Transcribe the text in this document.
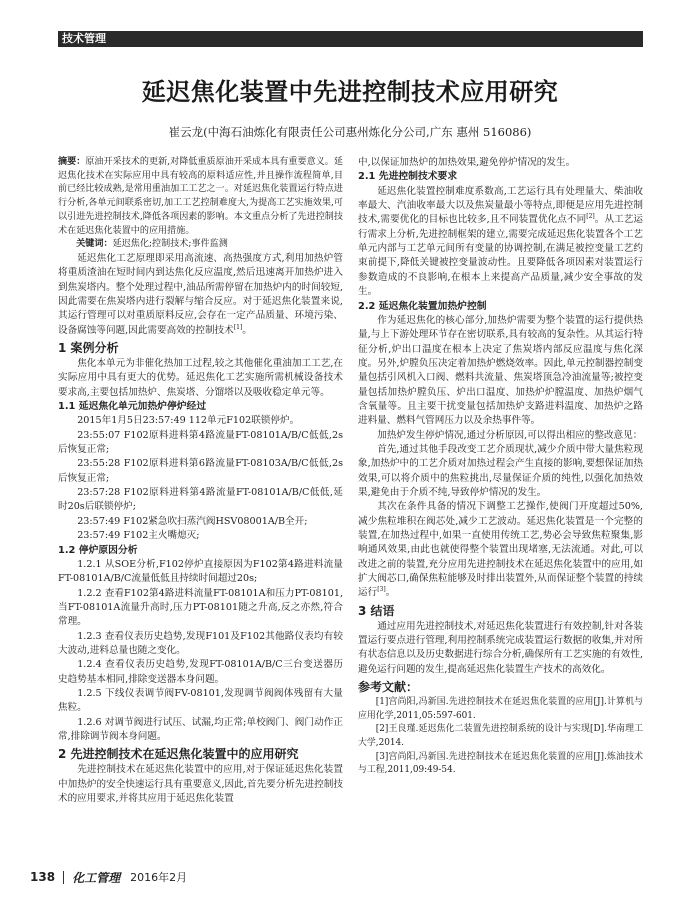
技术管理
延迟焦化装置中先进控制技术应用研究
崔云龙(中海石油炼化有限责任公司惠州炼化分公司,广东 惠州 516086)
摘要：原油开采技术的更新,对降低重质原油开采成本具有重要意义。延迟焦化技术在实际应用中具有较高的原料适应性,并且操作流程简单,目前已经比较成熟,是常用重油加工工艺之一。对延迟焦化装置运行特点进行分析,各单元间联系密切,加工工艺控制难度大,为提高工艺实施效果,可以引进先进控制技术,降低各项因素的影响。本文重点分析了先进控制技术在延迟焦化装置中的应用措施。
关键词：延迟焦化;控制技术;事件监测
延迟焦化工艺原理即采用高流速、高热强度方式,利用加热炉管将重质渣油在短时间内到达焦化反应温度,然后迅速离开加热炉进入到焦炭塔内。整个处理过程中,油品所需停留在加热炉内的时间较短,因此需要在焦炭塔内进行裂解与缩合反应。对于延迟焦化装置来说,其运行管理可以对重质原料反应,会存在一定产品质量、环境污染、设备腐蚀等问题,因此需要高效的控制技术[1]。
1 案例分析
焦化本单元为非催化热加工过程,较之其他催化重油加工工艺,在实际应用中具有更大的优势。延迟焦化工艺实施所需机械设备技术要求高,主要包括加热炉、焦炭塔、分馏塔以及吸收稳定单元等。
1.1 延迟焦化单元加热炉停炉经过
2015年1月5日23:57:49 112单元F102联锁停炉。
23:55:07 F102原料进料第4路流量FT-08101A/B/C低低,2s后恢复正常;
23:55:28 F102原料进料第6路流量FT-08103A/B/C低低,2s后恢复正常;
23:57:28 F102原料进料第4路流量FT-08101A/B/C低低,延时20s后联锁停炉;
23:57:49 F102紧急吹扫蒸汽阀HSV08001A/B全开;
23:57:49 F102主火嘴熄灭;
1.2 停炉原因分析
1.2.1 从SOE分析,F102停炉直接原因为F102第4路进料流量FT-08101A/B/C流量低低且持续时间超过20s;
1.2.2 查看F102第4路进料流量FT-08101A和压力PT-08101,当FT-08101A流量升高时,压力PT-08101随之升高,反之亦然,符合常理。
1.2.3 查看仪表历史趋势,发现F101及F102其他路仪表均有较大波动,进料总量也随之变化。
1.2.4 查看仪表历史趋势,发现FT-08101A/B/C三台变送器历史趋势基本相同,排除变送器本身问题。
1.2.5 下线仪表调节阀FV-08101,发现调节阀阀体残留有大量焦粒。
1.2.6 对调节阀进行试压、试漏,均正常;单校阀门、阀门动作正常,排除调节阀本身问题。
2 先进控制技术在延迟焦化装置中的应用研究
先进控制技术在延迟焦化装置中的应用,对于保证延迟焦化装置中加热炉的安全快速运行具有重要意义,因此,首先要分析先进控制技术的应用要求,并将其应用于延迟焦化装置
中,以保证加热炉的加热效果,避免停炉情况的发生。
2.1 先进控制技术要求
延迟焦化装置控制难度系数高,工艺运行具有处理量大、柴油收率最大、汽油收率最大以及焦炭量最小等特点,即便是应用先进控制技术,需要优化的目标也比较多,且不同装置优化点不同[2]。从工艺运行需求上分析,先进控制框架的建立,需要完成延迟焦化装置各个工艺单元内部与工艺单元间所有变量的协调控制,在满足被控变量工艺约束前提下,降低关键被控变量波动性。且要降低各项因素对装置运行参数造成的不良影响,在根本上来提高产品质量,减少安全事故的发生。
2.2 延迟焦化装置加热炉控制
作为延迟焦化的核心部分,加热炉需要为整个装置的运行提供热量,与上下游处理环节存在密切联系,具有较高的复杂性。从其运行特征分析,炉出口温度在根本上决定了焦炭塔内部反应温度与焦化深度。另外,炉膛负压决定着加热炉燃烧效率。因此,单元控制器控制变量包括引风机入口阀、燃料共流量、焦炭塔顶急冷油流量等;被控变量包括加热炉膛负压、炉出口温度、加热炉炉膛温度、加热炉烟气含氧量等。且主要干扰变量包括加热炉支路进料温度、加热炉之路进料量、燃料气管网压力以及余热事件等。
加热炉发生停炉情况,通过分析原因,可以得出相应的整改意见：
首先,通过其他手段改变工艺介质现状,减少介质中带大量焦粒现象,加热炉中的工艺介质对加热过程会产生直接的影响,要想保证加热效果,可以将介质中的焦粒挑出,尽量保证介质的纯性,以强化加热效果,避免由于介质不纯,导致停炉情况的发生。
其次在条件具备的情况下调整工艺操作,使阀门开度超过50%,减少焦粒堆积在阀芯处,减少工艺波动。延迟焦化装置是一个完整的装置,在加热过程中,如果一直使用传统工艺,势必会导致焦粒聚集,影响通风效果,由此也就使得整个装置出现堵塞,无法流通。对此,可以改进之前的装置,充分应用先进控制技术在延迟焦化装置中的应用,如扩大阀芯口,确保焦粒能够及时排出装置外,从而保证整个装置的持续运行[3]。
3 结语
通过应用先进控制技术,对延迟焦化装置进行有效控制,针对各装置运行要点进行管理,利用控制系统完成装置运行数据的收集,并对所有状态信息以及历史数据进行综合分析,确保所有工艺实施的有效性,避免运行问题的发生,提高延迟焦化装置生产技术的高效化。
参考文献：
[1]宫尚阳,冯新国.先进控制技术在延迟焦化装置的应用[J].计算机与应用化学,2011,05:597-601.
[2]王良瑾.延迟焦化二装置先进控制系统的设计与实现[D].华南理工大学,2014.
[3]宫尚阳,冯新国.先进控制技术在延迟焦化装置的应用[J].炼油技术与工程,2011,09:49-54.
138 化工管理 2016年2月
